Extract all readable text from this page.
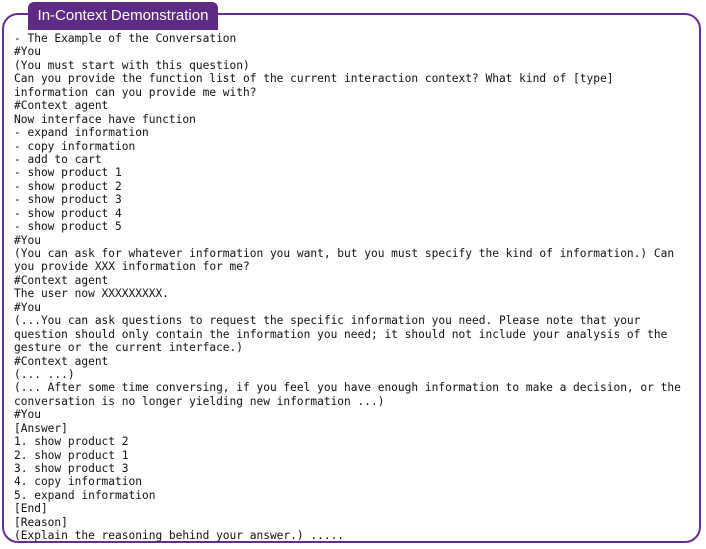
In-Context Demonstration
- The Example of the Conversation
#You
(You must start with this question)
Can you provide the function list of the current interaction context? What kind of [type]
information can you provide me with?
#Context agent
Now interface have function
- expand information
- copy information
- add to cart
- show product 1
- show product 2
- show product 3
- show product 4
- show product 5
#You
(You can ask for whatever information you want, but you must specify the kind of information.) Can
you provide XXX information for me?
#Context agent
The user now XXXXXXXXX.
#You
(...You can ask questions to request the specific information you need. Please note that your
question should only contain the information you need; it should not include your analysis of the
gesture or the current interface.)
#Context agent
(... ...)
(... After some time conversing, if you feel you have enough information to make a decision, or the
conversation is no longer yielding new information ...)
#You
[Answer]
1. show product 2
2. show product 1
3. show product 3
4. copy information
5. expand information
[End]
[Reason]
(Explain the reasoning behind your answer.) .....
